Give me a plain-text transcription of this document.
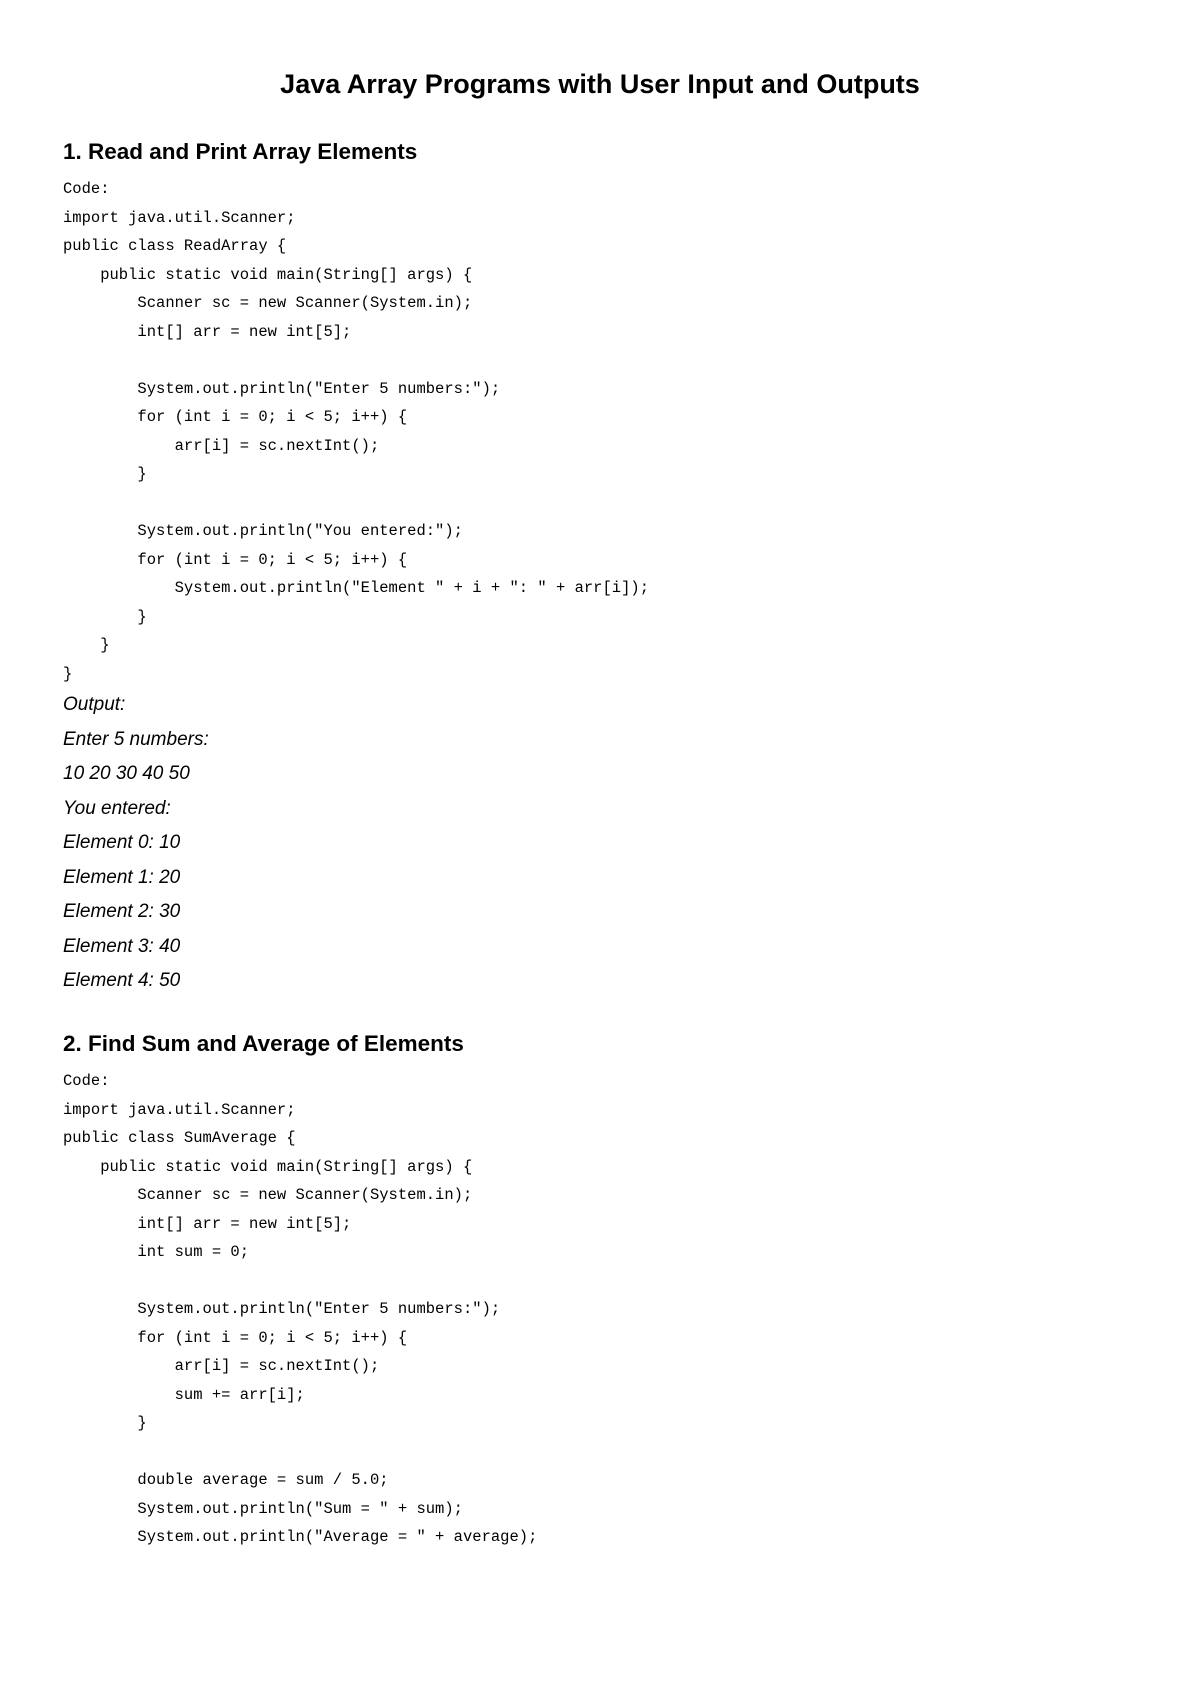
Java Array Programs with User Input and Outputs
1. Read and Print Array Elements
Code:
import java.util.Scanner;
public class ReadArray {
public static void main(String[] args) {
Scanner sc = new Scanner(System.in);
int[] arr = new int[5];
System.out.println("Enter 5 numbers:");
for (int i = 0; i < 5; i++) {
arr[i] = sc.nextInt();
}
System.out.println("You entered:");
for (int i = 0; i < 5; i++) {
System.out.println("Element " + i + ": " + arr[i]);
}
}
}
Output:
Enter 5 numbers:
10 20 30 40 50
You entered:
Element 0: 10
Element 1: 20
Element 2: 30
Element 3: 40
Element 4: 50
2. Find Sum and Average of Elements
Code:
import java.util.Scanner;
public class SumAverage {
public static void main(String[] args) {
Scanner sc = new Scanner(System.in);
int[] arr = new int[5];
int sum = 0;
System.out.println("Enter 5 numbers:");
for (int i = 0; i < 5; i++) {
arr[i] = sc.nextInt();
sum += arr[i];
}
double average = sum / 5.0;
System.out.println("Sum = " + sum);
System.out.println("Average = " + average);
